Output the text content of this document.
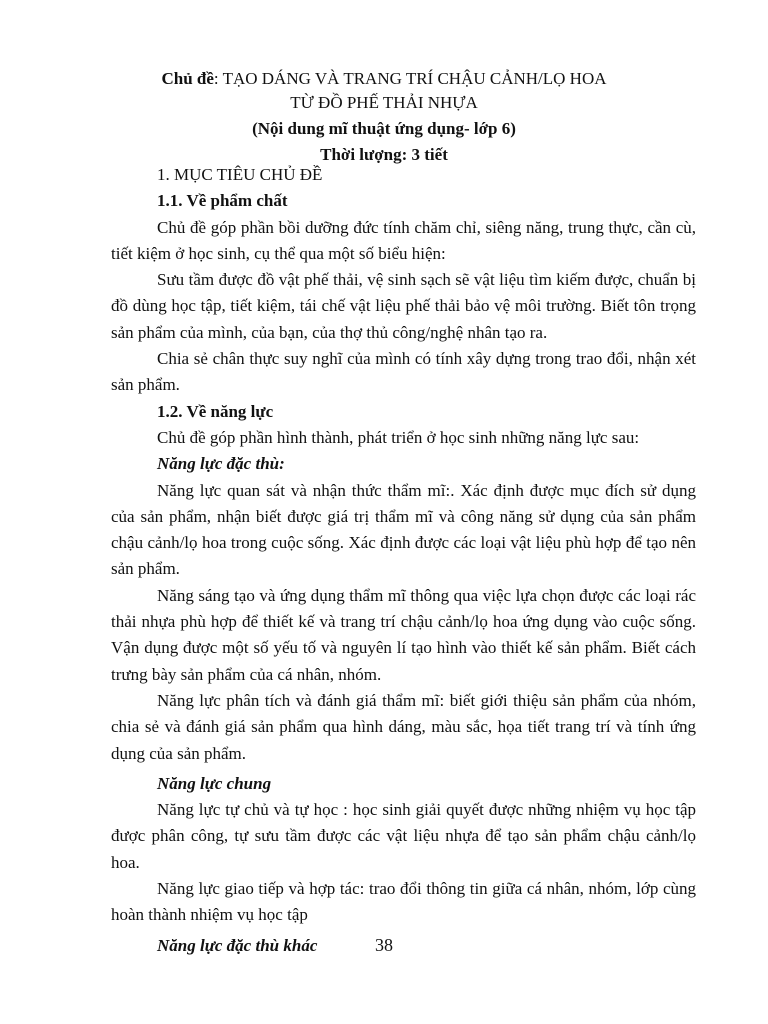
Chủ đề: TẠO DÁNG VÀ TRANG TRÍ CHẬU CẢNH/LỌ HOA
TỪ ĐỒ PHẾ THẢI NHỰA
(Nội dung mĩ thuật ứng dụng- lớp 6)
Thời lượng: 3 tiết

1. MỤC TIÊU CHỦ ĐỀ

1.1. Về phẩm chất

Chủ đề góp phần bồi dưỡng đức tính chăm chỉ, siêng năng, trung thực, cần cù, tiết kiệm ở học sinh, cụ thể qua một số biểu hiện:

Sưu tầm được đồ vật phế thải, vệ sinh sạch sẽ vật liệu tìm kiếm được, chuẩn bị đồ dùng học tập, tiết kiệm, tái chế vật liệu phế thải bảo vệ môi trường. Biết tôn trọng sản phẩm của mình, của bạn, của thợ thủ công/nghệ nhân tạo ra.

Chia sẻ chân thực suy nghĩ của mình có tính xây dựng trong trao đổi, nhận xét sản phẩm.

1.2. Về năng lực

Chủ đề góp phần hình thành, phát triển ở học sinh những năng lực sau:

Năng lực đặc thù:

Năng lực quan sát và nhận thức thẩm mĩ:. Xác định được mục đích sử dụng của sản phẩm, nhận biết được giá trị thẩm mĩ và công năng sử dụng của sản phẩm chậu cảnh/lọ hoa trong cuộc sống. Xác định được các loại vật liệu phù hợp để tạo nên sản phẩm.

Năng sáng tạo và ứng dụng thẩm mĩ thông qua việc lựa chọn được các loại rác thải nhựa phù hợp để thiết kế và trang trí chậu cảnh/lọ hoa ứng dụng vào cuộc sống. Vận dụng được một số yếu tố và nguyên lí tạo hình vào thiết kế sản phẩm. Biết cách trưng bày sản phẩm của cá nhân, nhóm.

Năng lực phân tích và đánh giá thẩm mĩ: biết giới thiệu sản phẩm của nhóm, chia sẻ và đánh giá sản phẩm qua hình dáng, màu sắc, họa tiết trang trí và tính ứng dụng của sản phẩm.

Năng lực chung

Năng lực tự chủ và tự học : học sinh giải quyết được những nhiệm vụ học tập được phân công, tự sưu tầm được các vật liệu nhựa để tạo sản phẩm chậu cảnh/lọ hoa.

Năng lực giao tiếp và hợp tác: trao đổi thông tin giữa cá nhân, nhóm, lớp cùng hoàn thành nhiệm vụ học tập

Năng lực đặc thù khác	38
